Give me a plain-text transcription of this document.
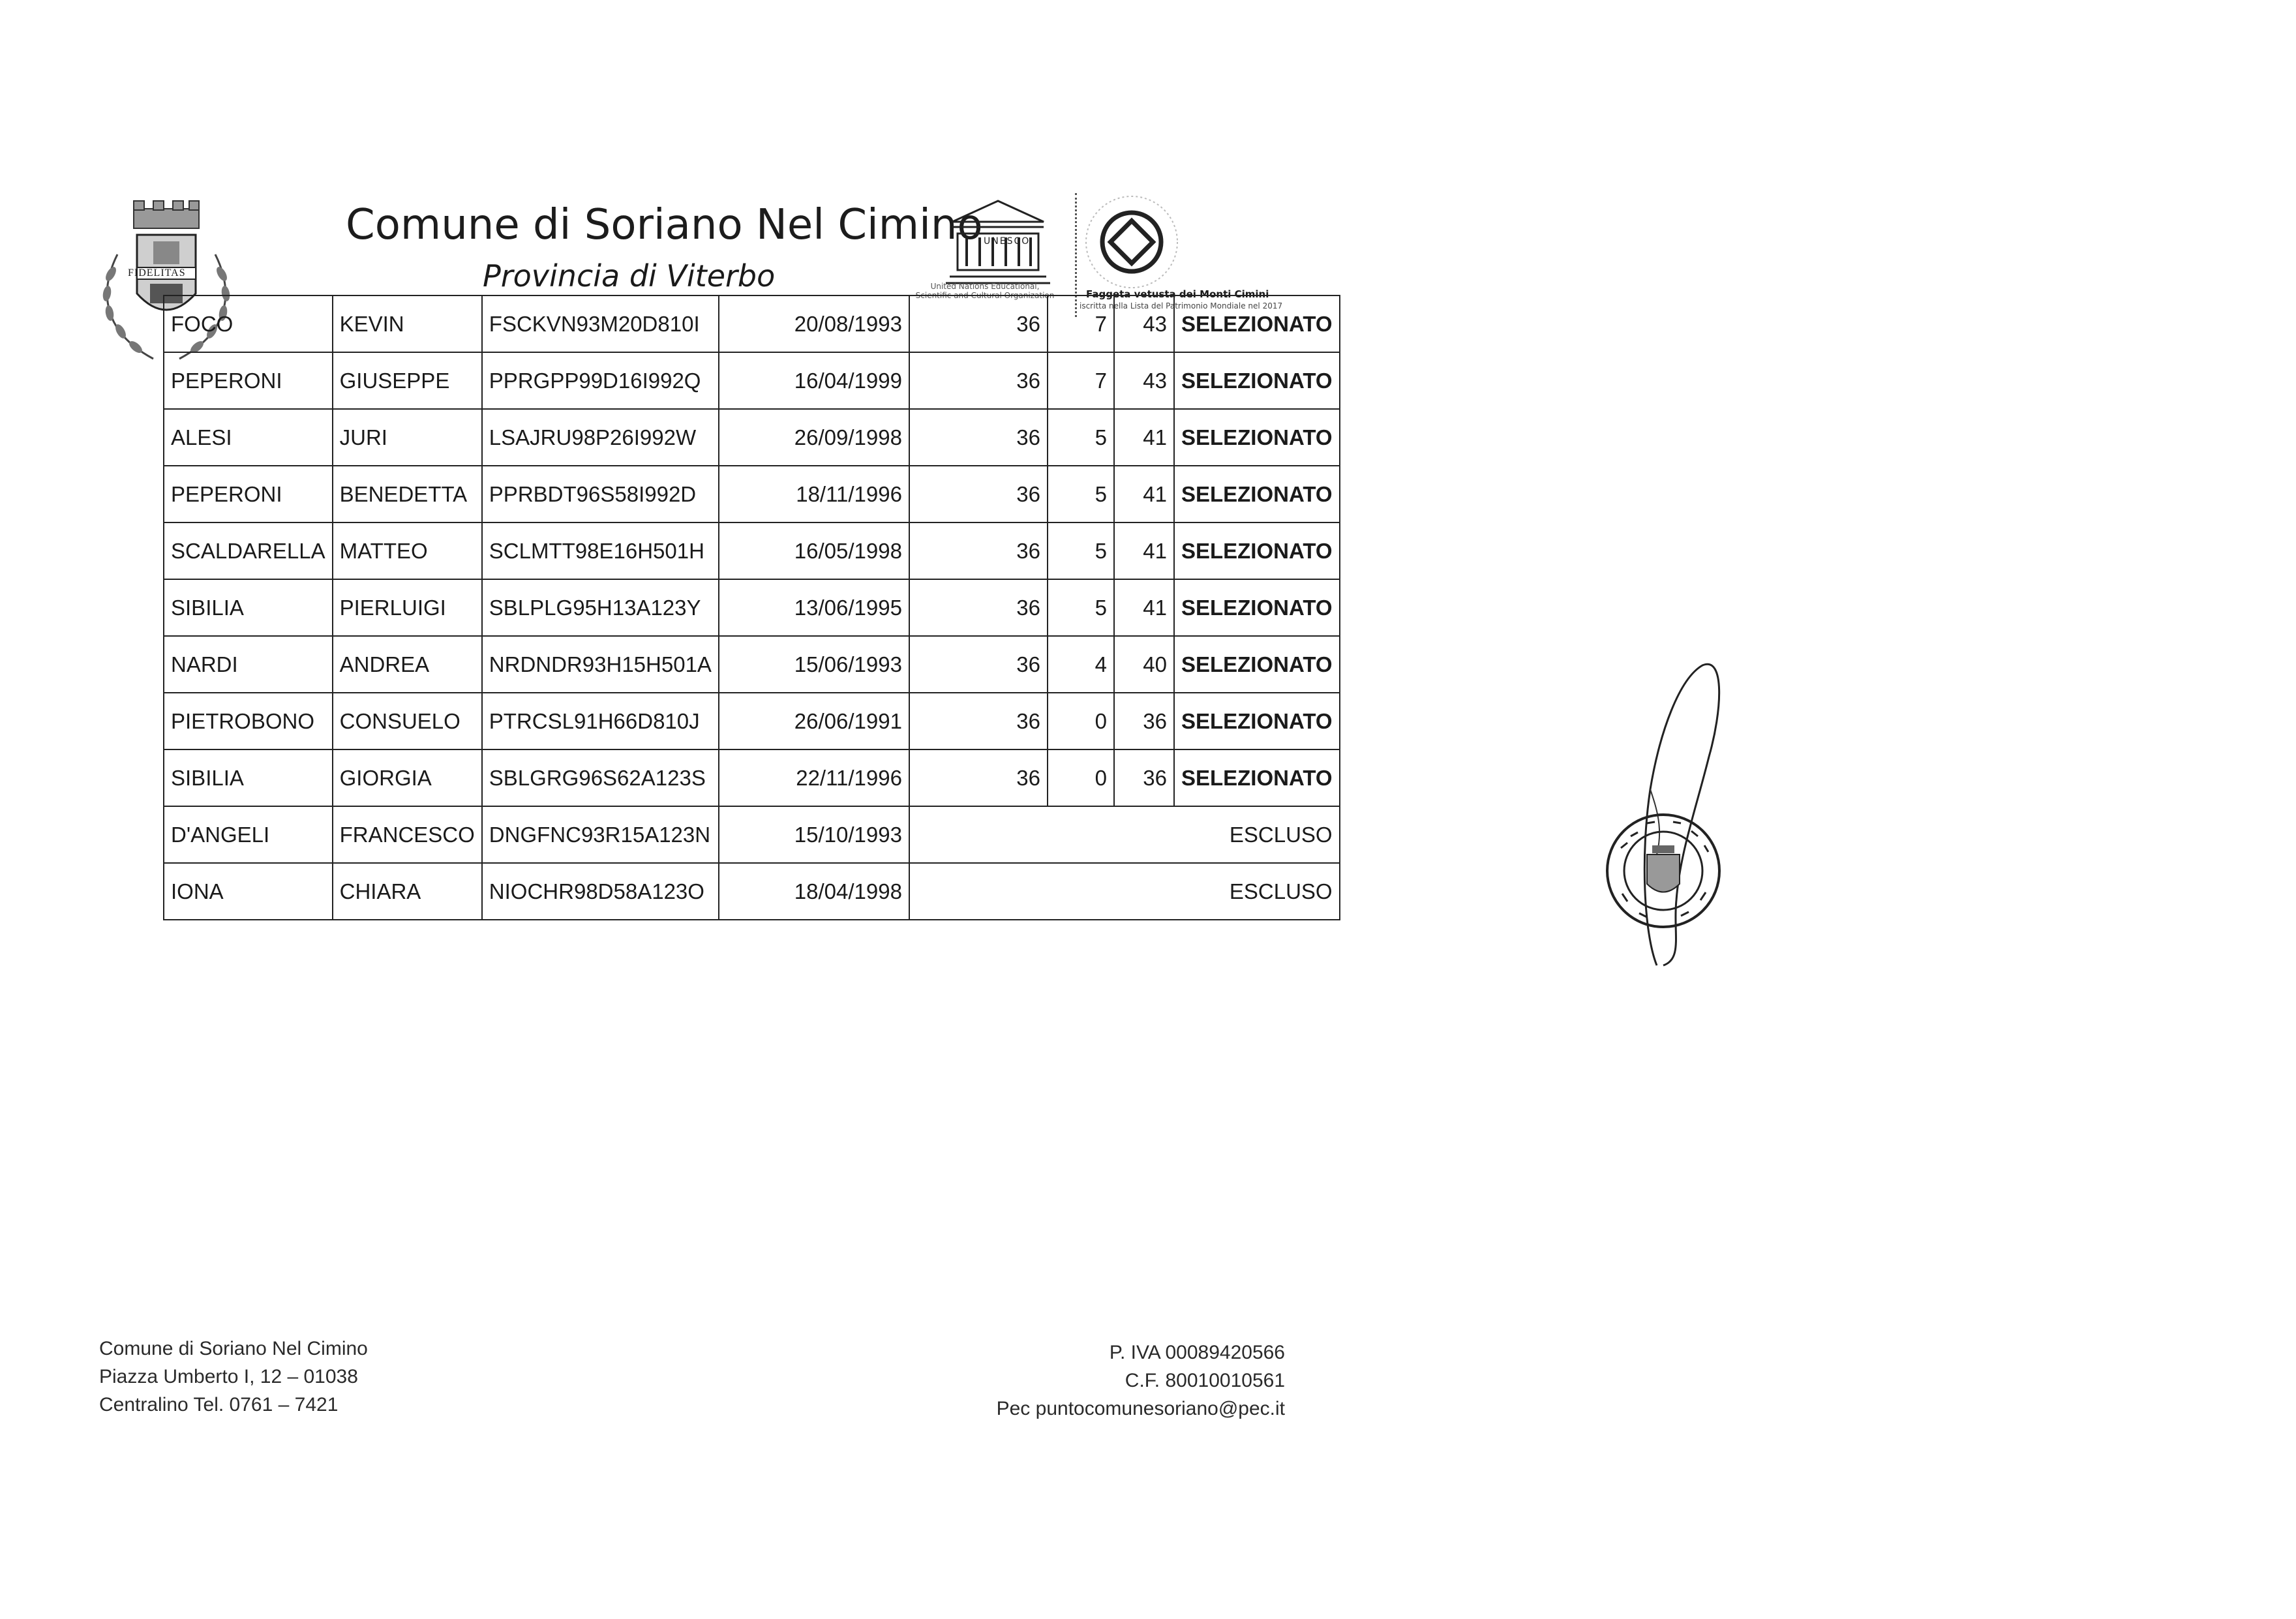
FIDELITAS
Comune di Soriano Nel Cimino
Provincia di Viterbo
UNESCO
United Nations Educational, Scientific and Cultural Organization	Faggeta vetusta dei Monti Cimini
iscritta nella Lista del Patrimonio Mondiale nel 2017
FOCO	KEVIN	FSCKVN93M20D810I	20/08/1993	36	7	43	SELEZIONATO
PEPERONI	GIUSEPPE	PPRGPP99D16I992Q	16/04/1999	36	7	43	SELEZIONATO
ALESI	JURI	LSAJRU98P26I992W	26/09/1998	36	5	41	SELEZIONATO
PEPERONI	BENEDETTA	PPRBDT96S58I992D	18/11/1996	36	5	41	SELEZIONATO
SCALDARELLA	MATTEO	SCLMTT98E16H501H	16/05/1998	36	5	41	SELEZIONATO
SIBILIA	PIERLUIGI	SBLPLG95H13A123Y	13/06/1995	36	5	41	SELEZIONATO
NARDI	ANDREA	NRDNDR93H15H501A	15/06/1993	36	4	40	SELEZIONATO
PIETROBONO	CONSUELO	PTRCSL91H66D810J	26/06/1991	36	0	36	SELEZIONATO
SIBILIA	GIORGIA	SBLGRG96S62A123S	22/11/1996	36	0	36	SELEZIONATO
D'ANGELI	FRANCESCO	DNGFNC93R15A123N	15/10/1993	ESCLUSO			
IONA	CHIARA	NIOCHR98D58A123O	18/04/1998	ESCLUSO			
Comune di Soriano Nel Cimino
Piazza Umberto I, 12 – 01038
Centralino Tel. 0761 – 7421
P. IVA 00089420566
C.F. 80010010561
Pec puntocomunesoriano@pec.it
